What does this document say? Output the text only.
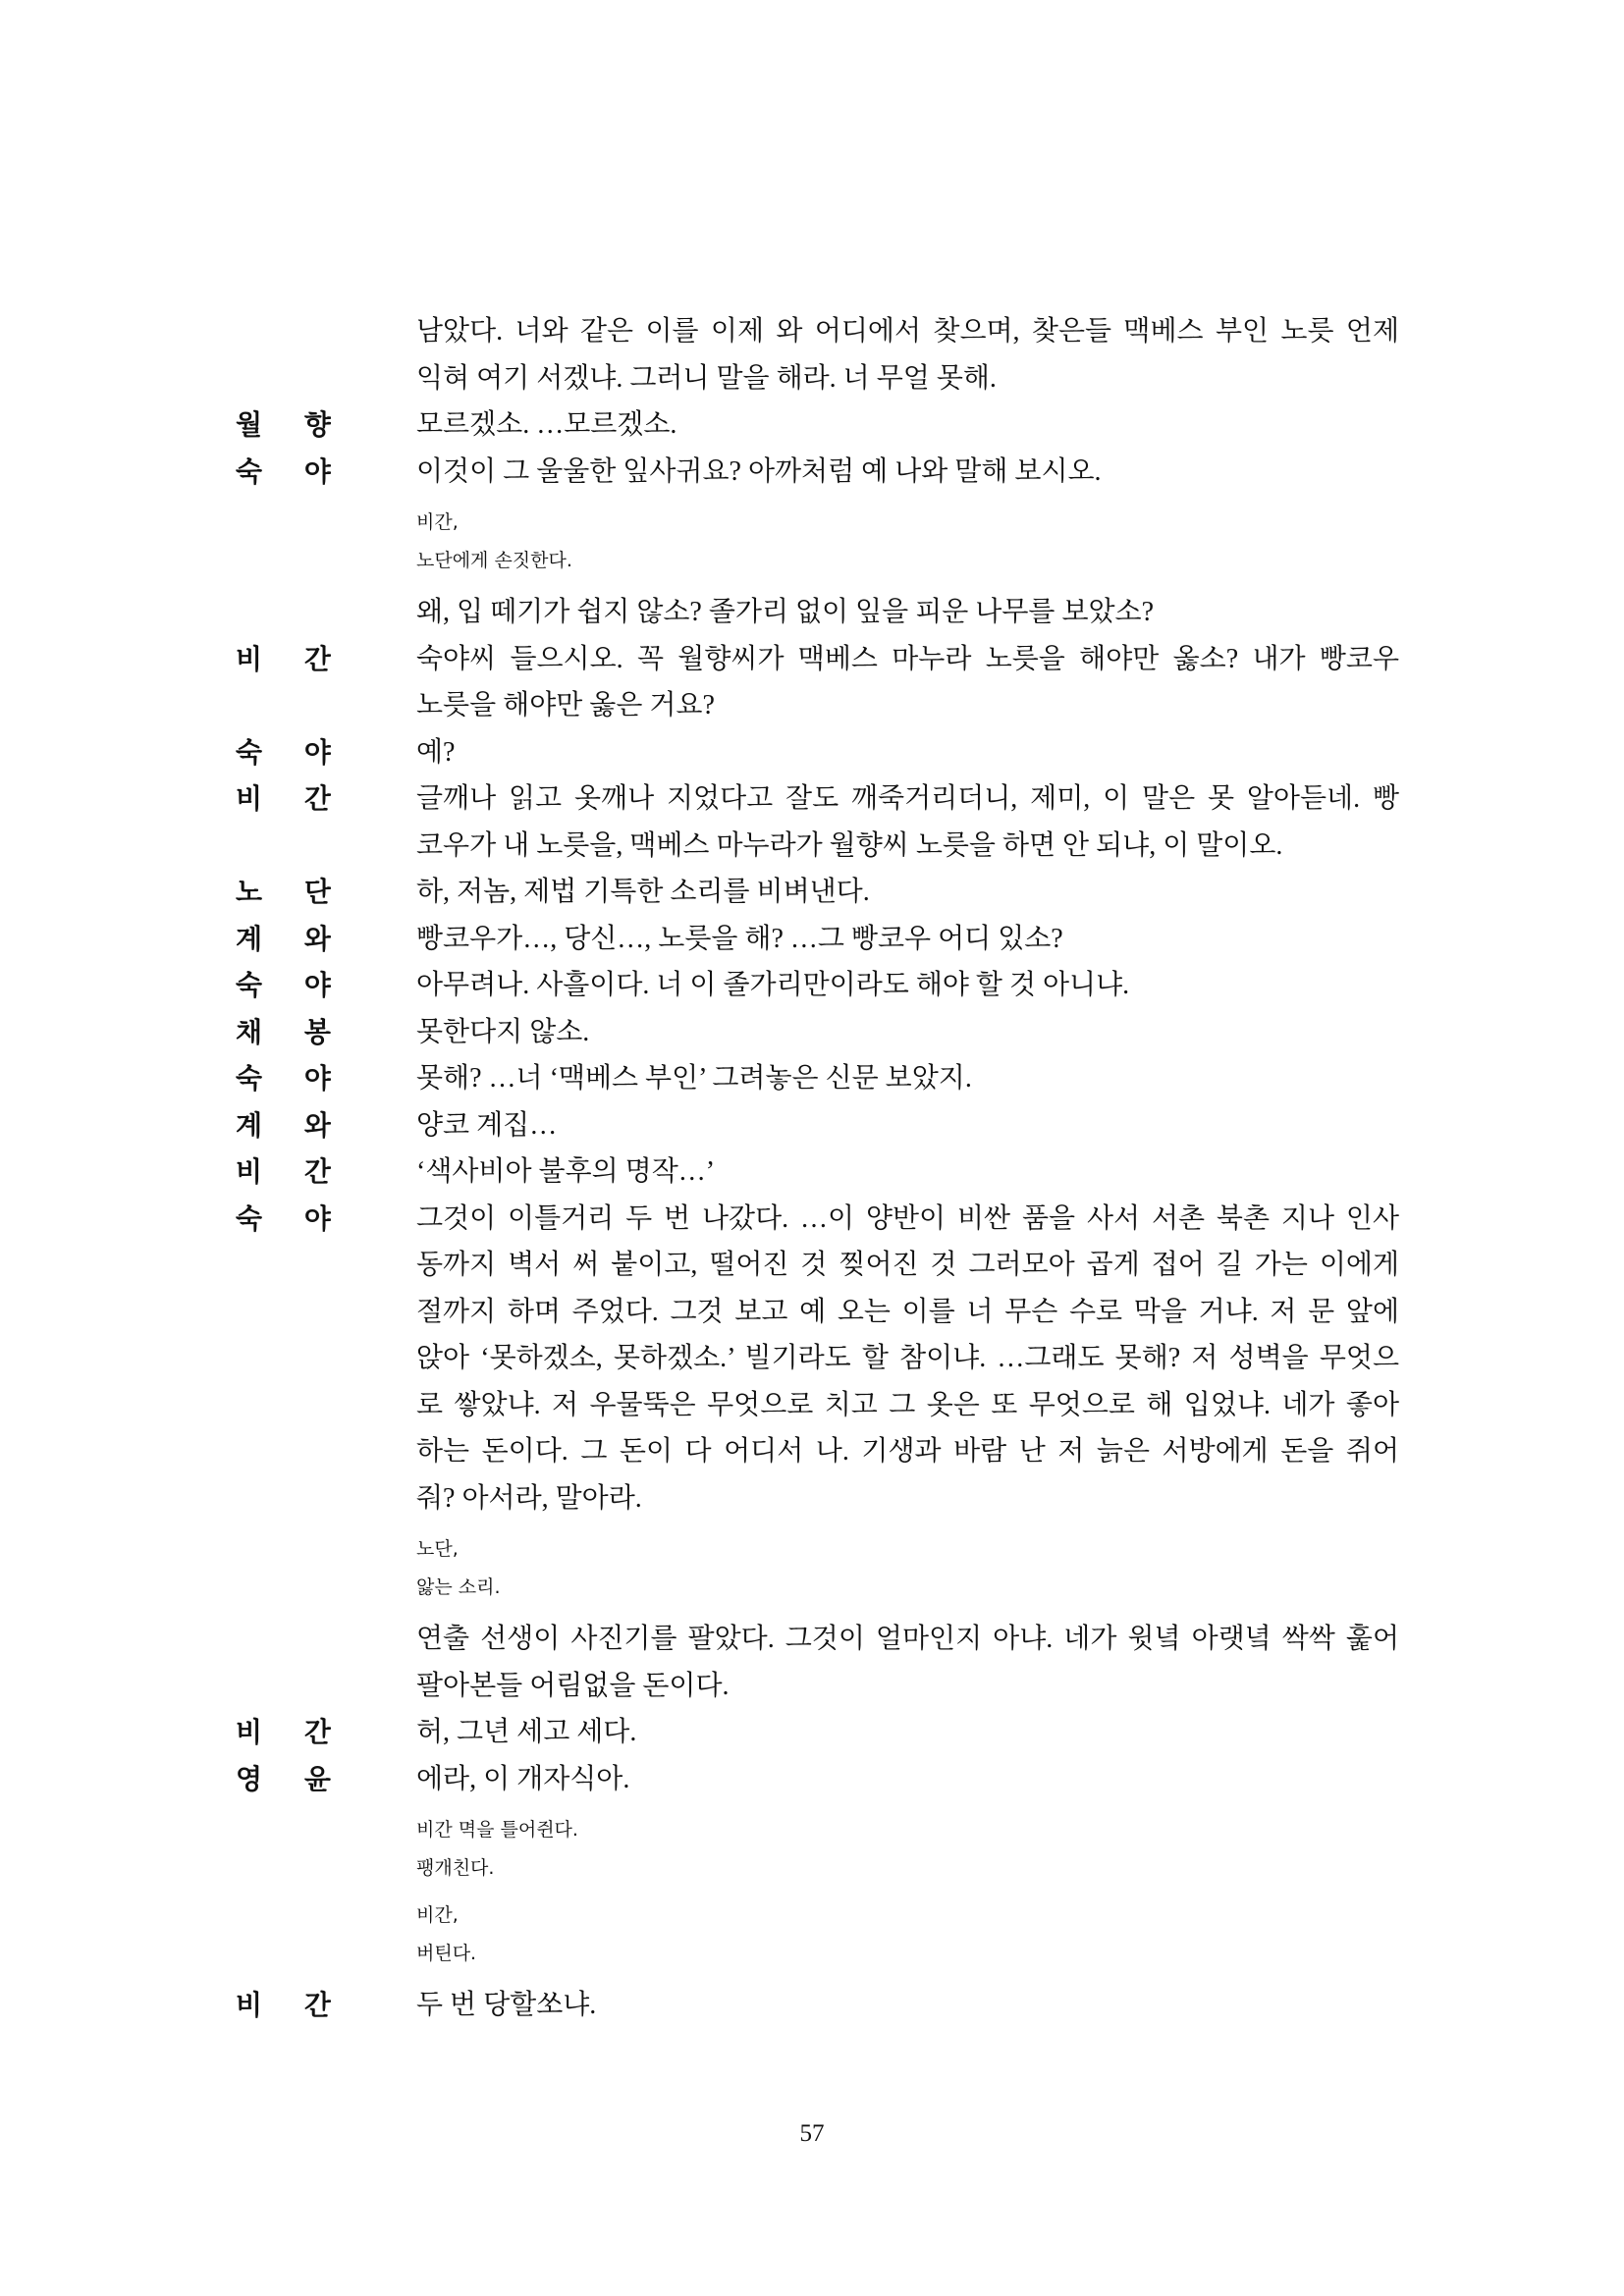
남았다. 너와 같은 이를 이제 와 어디에서 찾으며, 찾은들 맥베스 부인 노릇 언제
익혀 여기 서겠냐. 그러니 말을 해라. 너 무얼 못해.
월 향	모르겠소. …모르겠소.
숙 야	이것이 그 울울한 잎사귀요? 아까처럼 예 나와 말해 보시오.
비간,
노단에게 손짓한다.
왜, 입 떼기가 쉽지 않소? 졸가리 없이 잎을 피운 나무를 보았소?
비 간	숙야씨 들으시오. 꼭 월향씨가 맥베스 마누라 노릇을 해야만 옳소? 내가 빵코우
노릇을 해야만 옳은 거요?
숙 야	예?
비 간	글깨나 읽고 옷깨나 지었다고 잘도 깨죽거리더니, 제미, 이 말은 못 알아듣네. 빵
코우가 내 노릇을, 맥베스 마누라가 월향씨 노릇을 하면 안 되냐, 이 말이오.
노 단	하, 저놈, 제법 기특한 소리를 비벼낸다.
계 와	빵코우가…, 당신…, 노릇을 해? …그 빵코우 어디 있소?
숙 야	아무려나. 사흘이다. 너 이 졸가리만이라도 해야 할 것 아니냐.
채 봉	못한다지 않소.
숙 야	못해? …너 ‘맥베스 부인’ 그려놓은 신문 보았지.
계 와	양코 계집…
비 간	‘색사비아 불후의 명작…’
숙 야	그것이 이틀거리 두 번 나갔다. …이 양반이 비싼 품을 사서 서촌 북촌 지나 인사
동까지 벽서 써 붙이고, 떨어진 것 찢어진 것 그러모아 곱게 접어 길 가는 이에게
절까지 하며 주었다. 그것 보고 예 오는 이를 너 무슨 수로 막을 거냐. 저 문 앞에
앉아 ‘못하겠소, 못하겠소.’ 빌기라도 할 참이냐. …그래도 못해? 저 성벽을 무엇으
로 쌓았냐. 저 우물뚝은 무엇으로 치고 그 옷은 또 무엇으로 해 입었냐. 네가 좋아
하는 돈이다. 그 돈이 다 어디서 나. 기생과 바람 난 저 늙은 서방에게 돈을 쥐어
줘? 아서라, 말아라.
노단,
앓는 소리.
연출 선생이 사진기를 팔았다. 그것이 얼마인지 아냐. 네가 윗녘 아랫녘 싹싹 훑어
팔아본들 어림없을 돈이다.
비 간	허, 그년 세고 세다.
영 윤	에라, 이 개자식아.
비간 멱을 틀어쥔다.
팽개친다.
비간,
버틴다.
비 간	두 번 당할쏘냐.
57
